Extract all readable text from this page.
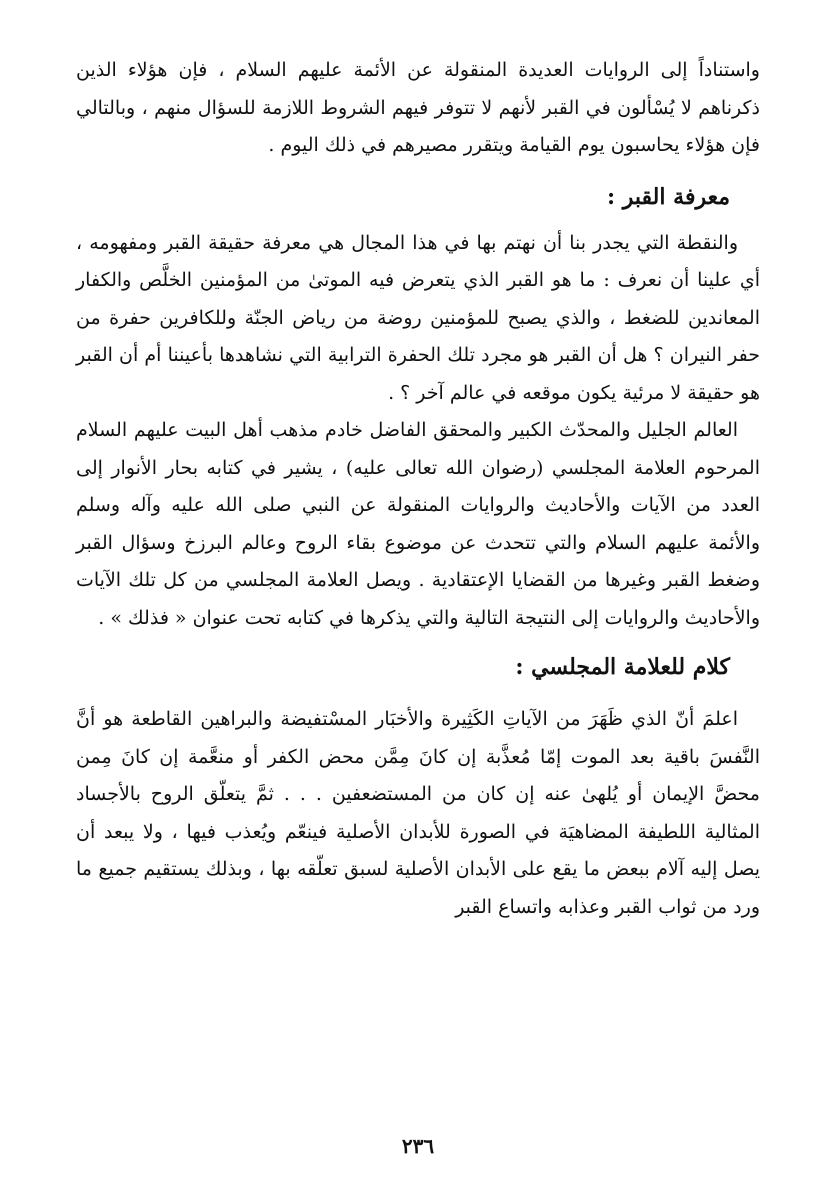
واستناداً إلى الروايات العديدة المنقولة عن الأئمة عليهم السلام ، فإن هؤلاء الذين ذكرناهم لا يُسْألون في القبر لأنهم لا تتوفر فيهم الشروط اللازمة للسؤال منهم ، وبالتالي فإن هؤلاء يحاسبون يوم القيامة ويتقرر مصيرهم في ذلك اليوم .

معرفة القبر :

والنقطة التي يجدر بنا أن نهتم بها في هذا المجال هي معرفة حقيقة القبر ومفهومه ، أي علينا أن نعرف : ما هو القبر الذي يتعرض فيه الموتىٰ من المؤمنين الخلَّص والكفار المعاندين للضغط ، والذي يصبح للمؤمنين روضة من رياض الجنّة وللكافرين حفرة من حفر النيران ؟ هل أن القبر هو مجرد تلك الحفرة الترابية التي نشاهدها بأعيننا أم أن القبر هو حقيقة لا مرئية يكون موقعه في عالم آخر ؟ .

العالم الجليل والمحدّث الكبير والمحقق الفاضل خادم مذهب أهل البيت عليهم السلام المرحوم العلامة المجلسي (رضوان الله تعالى عليه) ، يشير في كتابه بحار الأنوار إلى العدد من الآيات والأحاديث والروايات المنقولة عن النبي صلى الله عليه وآله وسلم والأئمة عليهم السلام والتي تتحدث عن موضوع بقاء الروح وعالم البرزخ وسؤال القبر وضغط القبر وغيرها من القضايا الإعتقادية . ويصل العلامة المجلسي من كل تلك الآيات والأحاديث والروايات إلى النتيجة التالية والتي يذكرها في كتابه تحت عنوان « فذلك » .

كلام للعلامة المجلسي :

اعلمَ أنّ الذي ظَهَرَ من الآياتِ الكَثِيرة والأخبَار المسْتفيضة والبراهين القاطعة هو أنَّ النَّفسَ باقية بعد الموت إمّا مُعذَّبة إن كانَ مِمَّن محض الكفر أو منعَّمة إن كانَ مِمن محضَّ الإيمان أو يُلهىٰ عنه إن كان من المستضعفين . . . ثمَّ يتعلّق الروح بالأجساد المثالية اللطيفة المضاهيَة في الصورة للأبدان الأصلية فينعّم ويُعذب فيها ، ولا يبعد أن يصل إليه آلام ببعض ما يقع على الأبدان الأصلية لسبق تعلّقه بها ، وبذلك يستقيم جميع ما ورد من ثواب القبر وعذابه واتساع القبر

٢٣٦
